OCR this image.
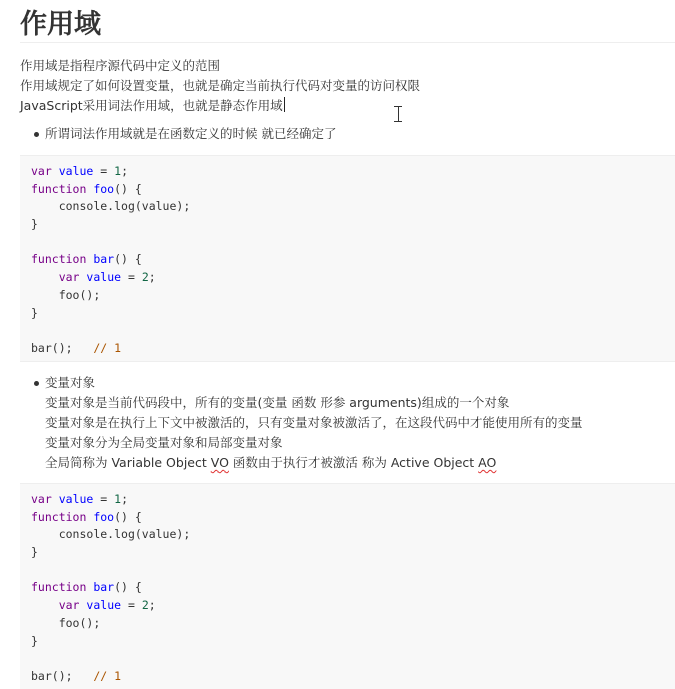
作用域
作用域是指程序源代码中定义的范围
作用域规定了如何设置变量，也就是确定当前执行代码对变量的访问权限
JavaScript采用词法作用域，也就是静态作用域
所谓词法作用域就是在函数定义的时候 就已经确定了
var value = 1;
function foo() {
console.log(value);
}

function bar() {
var value = 2;
foo();
}

bar(); // 1
变量对象
变量对象是当前代码段中，所有的变量(变量 函数 形参 arguments)组成的一个对象
变量对象是在执行上下文中被激活的，只有变量对象被激活了，在这段代码中才能使用所有的变量
变量对象分为全局变量对象和局部变量对象
全局简称为 Variable Object VO 函数由于执行才被激活 称为 Active Object AO
var value = 1;
function foo() {
console.log(value);
}

function bar() {
var value = 2;
foo();
}

bar(); // 1
